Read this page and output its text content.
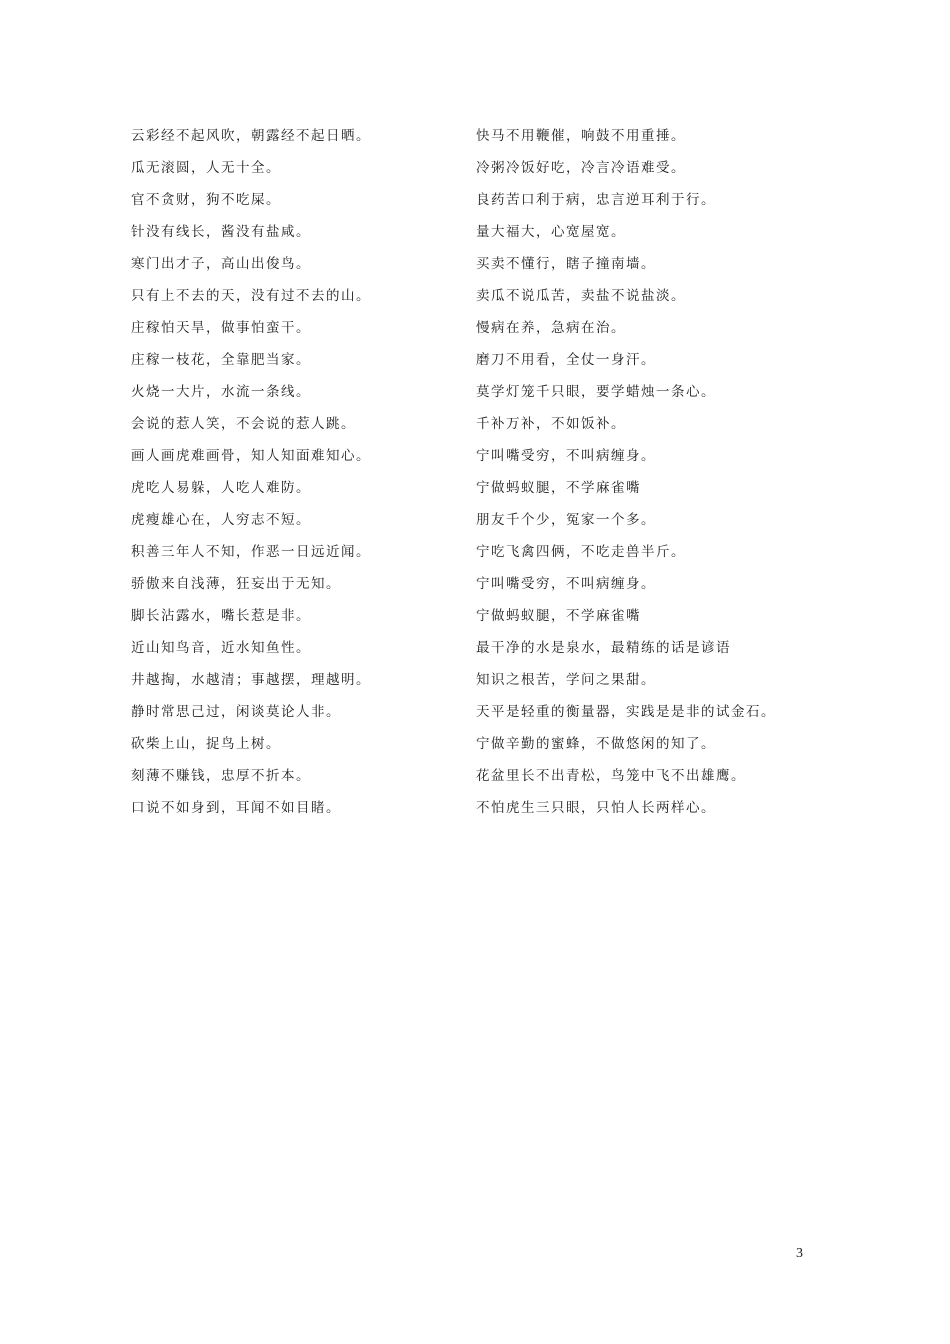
云彩经不起风吹，朝露经不起日晒。
瓜无滚圆，人无十全。
官不贪财，狗不吃屎。
针没有线长，酱没有盐咸。
寒门出才子，高山出俊鸟。
只有上不去的天，没有过不去的山。
庄稼怕天旱，做事怕蛮干。
庄稼一枝花，全靠肥当家。
火烧一大片，水流一条线。
会说的惹人笑，不会说的惹人跳。
画人画虎难画骨，知人知面难知心。
虎吃人易躲，人吃人难防。
虎瘦雄心在，人穷志不短。
积善三年人不知，作恶一日远近闻。
骄傲来自浅薄，狂妄出于无知。
脚长沾露水，嘴长惹是非。
近山知鸟音，近水知鱼性。
井越掏，水越清；事越摆，理越明。
静时常思己过，闲谈莫论人非。
砍柴上山，捉鸟上树。
刻薄不赚钱，忠厚不折本。
口说不如身到，耳闻不如目睹。
快马不用鞭催，响鼓不用重捶。
冷粥冷饭好吃，冷言冷语难受。
良药苦口利于病，忠言逆耳利于行。
量大福大，心宽屋宽。
买卖不懂行，瞎子撞南墙。
卖瓜不说瓜苦，卖盐不说盐淡。
慢病在养，急病在治。
磨刀不用看，全仗一身汗。
莫学灯笼千只眼，要学蜡烛一条心。
千补万补，不如饭补。
宁叫嘴受穷，不叫病缠身。
宁做蚂蚁腿，不学麻雀嘴
朋友千个少，冤家一个多。
宁吃飞禽四俩，不吃走兽半斤。
宁叫嘴受穷，不叫病缠身。
宁做蚂蚁腿，不学麻雀嘴
最干净的水是泉水，最精练的话是谚语
知识之根苦，学问之果甜。
天平是轻重的衡量器，实践是是非的试金石。
宁做辛勤的蜜蜂，不做悠闲的知了。
花盆里长不出青松，鸟笼中飞不出雄鹰。
不怕虎生三只眼，只怕人长两样心。
3
